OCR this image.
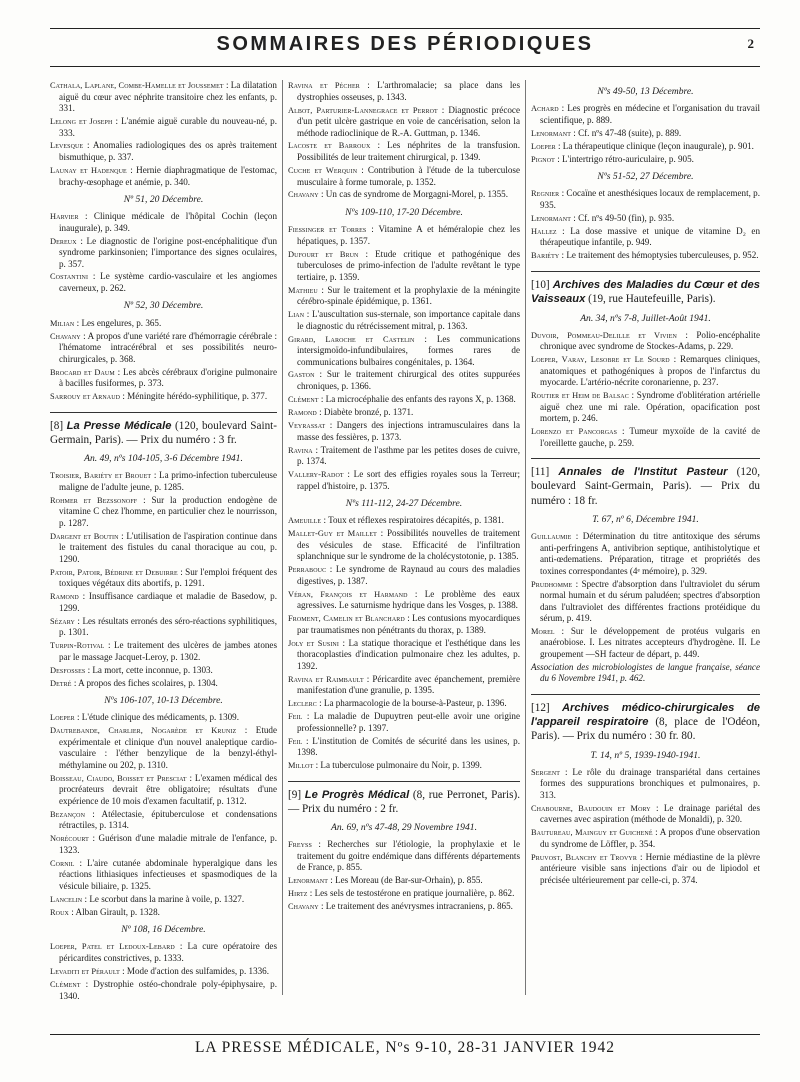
SOMMAIRES DES PÉRIODIQUES	2

Cathala, Laplane, Combe-Hamelle et Joussemet : La dilatation aiguë du cœur avec néphrite transitoire chez les enfants, p. 331.

Lelong et Joseph : L'anémie aiguë curable du nouveau-né, p. 333.

Levesque : Anomalies radiologiques des os après traitement bismuthique, p. 337.

Launay et Hadenque : Hernie diaphragmatique de l'estomac, brachy-œsophage et anémie, p. 340.

Nº 51, 20 Décembre.

Harvier : Clinique médicale de l'hôpital Cochin (leçon inaugurale), p. 349.

Dereux : Le diagnostic de l'origine post-encéphalitique d'un syndrome parkinsonien; l'importance des signes oculaires, p. 357.

Costantini : Le système cardio-vasculaire et les angiomes caverneux, p. 262.

Nº 52, 30 Décembre.

Milian : Les engelures, p. 365.

Chavany : A propos d'une variété rare d'hémorragie cérébrale : l'hématome intracérébral et ses possibilités neuro-chirurgicales, p. 368.

Brocard et Daum : Les abcès cérébraux d'origine pulmonaire à bacilles fusiformes, p. 373.

Sarrouy et Arnaud : Méningite hérédo-syphilitique, p. 377.

[8] La Presse Médicale (120, boulevard Saint-Germain, Paris). — Prix du numéro : 3 fr.
An. 49, nºs 104-105, 3-6 Décembre 1941.

Troisier, Bariéty et Brouet : La primo-infection tuberculeuse maligne de l'adulte jeune, p. 1285.

Rohmer et Bezssonoff : Sur la production endogène de vitamine C chez l'homme, en particulier chez le nourrisson, p. 1287.

Dargent et Boutin : L'utilisation de l'aspiration continue dans le traitement des fistules du canal thoracique au cou, p. 1290.

Patoir, Patoir, Bédrine et Debuirre : Sur l'emploi fréquent des toxiques végétaux dits abortifs, p. 1291.

Ramond : Insuffisance cardiaque et maladie de Basedow, p. 1299.

Sézary : Les résultats erronés des séro-réactions syphilitiques, p. 1301.

Turpin-Rotival : Le traitement des ulcères de jambes atones par le massage Jacquet-Leroy, p. 1302.

Desfosses : La mort, cette inconnue, p. 1303.

Detré : A propos des fiches scolaires, p. 1304.

Nºs 106-107, 10-13 Décembre.

Loeper : L'étude clinique des médicaments, p. 1309.

Dautrebande, Charlier, Nogarède et Kruniz : Etude expérimentale et clinique d'un nouvel analeptique cardio-vasculaire : l'éther benzylique de la benzyl-éthyl-méthylamine ou 202, p. 1310.

Boisseau, Ciaudo, Boisset et Presciat : L'examen médical des procréateurs devrait être obligatoire; résultats d'une expérience de 10 mois d'examen facultatif, p. 1312.

Bezançon : Atélectasie, épituberculose et condensations rétractiles, p. 1314.

Norécourt : Guérison d'une maladie mitrale de l'enfance, p. 1323.

Cornil : L'aire cutanée abdominale hyperalgique dans les réactions lithiasiques infectieuses et spasmodiques de la vésicule biliaire, p. 1325.

Lancelin : Le scorbut dans la marine à voile, p. 1327.

Roux : Alban Girault, p. 1328.

Nº 108, 16 Décembre.

Loeper, Patel et Ledoux-Lebard : La cure opératoire des péricardites constrictives, p. 1333.

Levaditi et Pérault : Mode d'action des sulfamides, p. 1336.

Clément : Dystrophie ostéo-chondrale poly-épiphysaire, p. 1340.

Ravina et Pécher : L'arthromalacie; sa place dans les dystrophies osseuses, p. 1343.

Albot, Parturier-Lannegrace et Perrot : Diagnostic précoce d'un petit ulcère gastrique en voie de cancérisation, selon la méthode radioclinique de R.-A. Guttman, p. 1346.

Lacoste et Barroux : Les néphrites de la transfusion. Possibilités de leur traitement chirurgical, p. 1349.

Cuche et Werquin : Contribution à l'étude de la tuberculose musculaire à forme tumorale, p. 1352.

Chavany : Un cas de syndrome de Morgagni-Morel, p. 1355.

Nºs 109-110, 17-20 Décembre.

Fiessinger et Torres : Vitamine A et héméralopie chez les hépatiques, p. 1357.

Dufourt et Brun : Etude critique et pathogénique des tuberculoses de primo-infection de l'adulte revêtant le type tertiaire, p. 1359.

Mathieu : Sur le traitement et la prophylaxie de la méningite cérébro-spinale épidémique, p. 1361.

Lian : L'auscultation sus-sternale, son importance capitale dans le diagnostic du rétrécissement mitral, p. 1363.

Girard, Laroche et Castelin : Les communications intersigmoïdo-infundibulaires, formes rares de communications bulbaires congénitales, p. 1364.

Gaston : Sur le traitement chirurgical des otites suppurées chroniques, p. 1366.

Clément : La microcéphalie des enfants des rayons X, p. 1368.

Ramond : Diabète bronzé, p. 1371.

Veyrassat : Dangers des injections intramusculaires dans la masse des fessières, p. 1373.

Ravina : Traitement de l'asthme par les petites doses de cuivre, p. 1374.

Vallery-Radot : Le sort des effigies royales sous la Terreur; rappel d'histoire, p. 1375.

Nºs 111-112, 24-27 Décembre.

Ameuille : Toux et réflexes respiratoires décapités, p. 1381.

Mallet-Guy et Maillet : Possibilités nouvelles de traitement des vésicules de stase. Efficacité de l'infiltration splanchnique sur le syndrome de la cholécystotonie, p. 1385.

Perrabouc : Le syndrome de Raynaud au cours des maladies digestives, p. 1387.

Véran, François et Harmand : Le problème des eaux agressives. Le saturnisme hydrique dans les Vosges, p. 1388.

Froment, Camelin et Blanchard : Les contusions myocardiques par traumatismes non pénétrants du thorax, p. 1389.

Joly et Susini : La statique thoracique et l'esthétique dans les thoracoplasties d'indication pulmonaire chez les adultes, p. 1392.

Ravina et Raimbault : Péricardite avec épanchement, première manifestation d'une granulie, p. 1395.

Leclerc : La pharmacologie de la bourse-à-Pasteur, p. 1396.

Feil : La maladie de Dupuytren peut-elle avoir une origine professionnelle? p. 1397.

Feil : L'institution de Comités de sécurité dans les usines, p. 1398.

Millot : La tuberculose pulmonaire du Noir, p. 1399.

[9] Le Progrès Médical (8, rue Perronet, Paris). — Prix du numéro : 2 fr.
An. 69, nºs 47-48, 29 Novembre 1941.

Freyss : Recherches sur l'étiologie, la prophylaxie et le traitement du goitre endémique dans différents départements de France, p. 855.

Lenormant : Les Moreau (de Bar-sur-Orhain), p. 855.

Hirtz : Les sels de testostérone en pratique journalière, p. 862.

Chavany : Le traitement des anévrysmes intracraniens, p. 865.

Nºs 49-50, 13 Décembre.

Achard : Les progrès en médecine et l'organisation du travail scientifique, p. 889.

Lenormant : Cf. nºs 47-48 (suite), p. 889.

Loeper : La thérapeutique clinique (leçon inaugurale), p. 901.

Pignot : L'intertrigo rétro-auriculaire, p. 905.

Nºs 51-52, 27 Décembre.

Regnier : Cocaïne et anesthésiques locaux de remplacement, p. 935.

Lenormant : Cf. nºs 49-50 (fin), p. 935.

Hallez : La dose massive et unique de vitamine D₂ en thérapeutique infantile, p. 949.

Bariéty : Le traitement des hémoptysies tuberculeuses, p. 952.

[10] Archives des Maladies du Cœur et des Vaisseaux (19, rue Hautefeuille, Paris).
An. 34, nºs 7-8, Juillet-Août 1941.

Duvoir, Pommeau-Delille et Vivien : Polio-encéphalite chronique avec syndrome de Stockes-Adams, p. 229.

Loeper, Varay, Lesobre et Le Sourd : Remarques cliniques, anatomiques et pathogéniques à propos de l'infarctus du myocarde. L'artério-nécrite coronarienne, p. 237.

Routier et Heim de Balsac : Syndrome d'oblitération artérielle aiguë chez une mi rale. Opération, opacification post mortem, p. 246.

Lorenzo et Pancorgas : Tumeur myxoïde de la cavité de l'oreillette gauche, p. 259.

[11] Annales de l'Institut Pasteur (120, boulevard Saint-Germain, Paris). — Prix du numéro : 18 fr.
T. 67, nº 6, Décembre 1941.

Guillaumie : Détermination du titre antitoxique des sérums anti-perfringens A, antivibrion septique, antihistolytique et anti-œdematiens. Préparation, titrage et propriétés des toxines correspondantes (4ᵉ mémoire), p. 329.

Prudhomme : Spectre d'absorption dans l'ultraviolet du sérum normal humain et du sérum paludéen; spectres d'absorption dans l'ultraviolet des différentes fractions protéidique du sérum, p. 419.

Morel : Sur le développement de protéus vulgaris en anaérobiose. I. Les nitrates accepteurs d'hydrogène. II. Le groupement —SH facteur de départ, p. 449.

Association des microbiologistes de langue française, séance du 6 Novembre 1941, p. 462.

[12] Archives médico-chirurgicales de l'appareil respiratoire (8, place de l'Odéon, Paris). — Prix du numéro : 30 fr. 80.
T. 14, nº 5, 1939-1940-1941.

Sergent : Le rôle du drainage transpariétal dans certaines formes des suppurations bronchiques et pulmonaires, p. 313.

Chabourne, Baudouin et Mory : Le drainage pariétal des cavernes avec aspiration (méthode de Monaldi), p. 320.

Bautureau, Mainguy et Guichené : A propos d'une observation du syndrome de Löffler, p. 354.

Pruvost, Blanchy et Trovyr : Hernie médiastine de la plèvre antérieure visible sans injections d'air ou de lipiodol et précisée ultérieurement par celle-ci, p. 374.

LA PRESSE MÉDICALE, Nºs 9-10, 28-31 JANVIER 1942
